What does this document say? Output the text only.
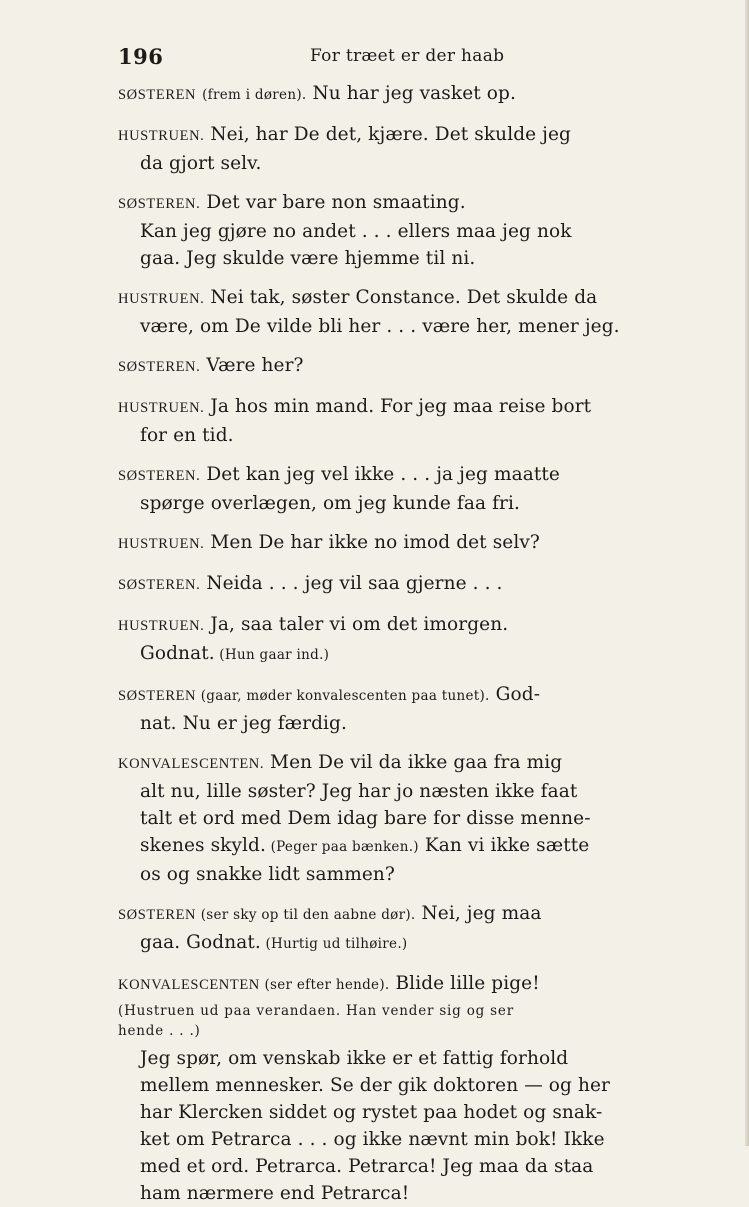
196	For træet er der haab

SØSTEREN (frem i døren). Nu har jeg vasket op.

HUSTRUEN. Nei, har De det, kjære. Det skulde jeg
da gjort selv.

SØSTEREN. Det var bare non smaating.
Kan jeg gjøre no andet . . . ellers maa jeg nok
gaa. Jeg skulde være hjemme til ni.

HUSTRUEN. Nei tak, søster Constance. Det skulde da
være, om De vilde bli her . . . være her, mener jeg.

SØSTEREN. Være her?

HUSTRUEN. Ja hos min mand. For jeg maa reise bort
for en tid.

SØSTEREN. Det kan jeg vel ikke . . . ja jeg maatte
spørge overlægen, om jeg kunde faa fri.

HUSTRUEN. Men De har ikke no imod det selv?

SØSTEREN. Neida . . . jeg vil saa gjerne . . .

HUSTRUEN. Ja, saa taler vi om det imorgen.
Godnat. (Hun gaar ind.)

SØSTEREN (gaar, møder konvalescenten paa tunet). God-
nat. Nu er jeg færdig.

KONVALESCENTEN. Men De vil da ikke gaa fra mig
alt nu, lille søster? Jeg har jo næsten ikke faat
talt et ord med Dem idag bare for disse menne-
skenes skyld. (Peger paa bænken.) Kan vi ikke sætte
os og snakke lidt sammen?

SØSTEREN (ser sky op til den aabne dør). Nei, jeg maa
gaa. Godnat. (Hurtig ud tilhøire.)

KONVALESCENTEN (ser efter hende). Blide lille pige!

(Hustruen ud paa verandaen. Han vender sig og ser
hende . . .)

Jeg spør, om venskab ikke er et fattig forhold
mellem mennesker. Se der gik doktoren — og her
har Klercken siddet og rystet paa hodet og snak-
ket om Petrarca . . . og ikke nævnt min bok! Ikke
med et ord. Petrarca. Petrarca! Jeg maa da staa
ham nærmere end Petrarca!
